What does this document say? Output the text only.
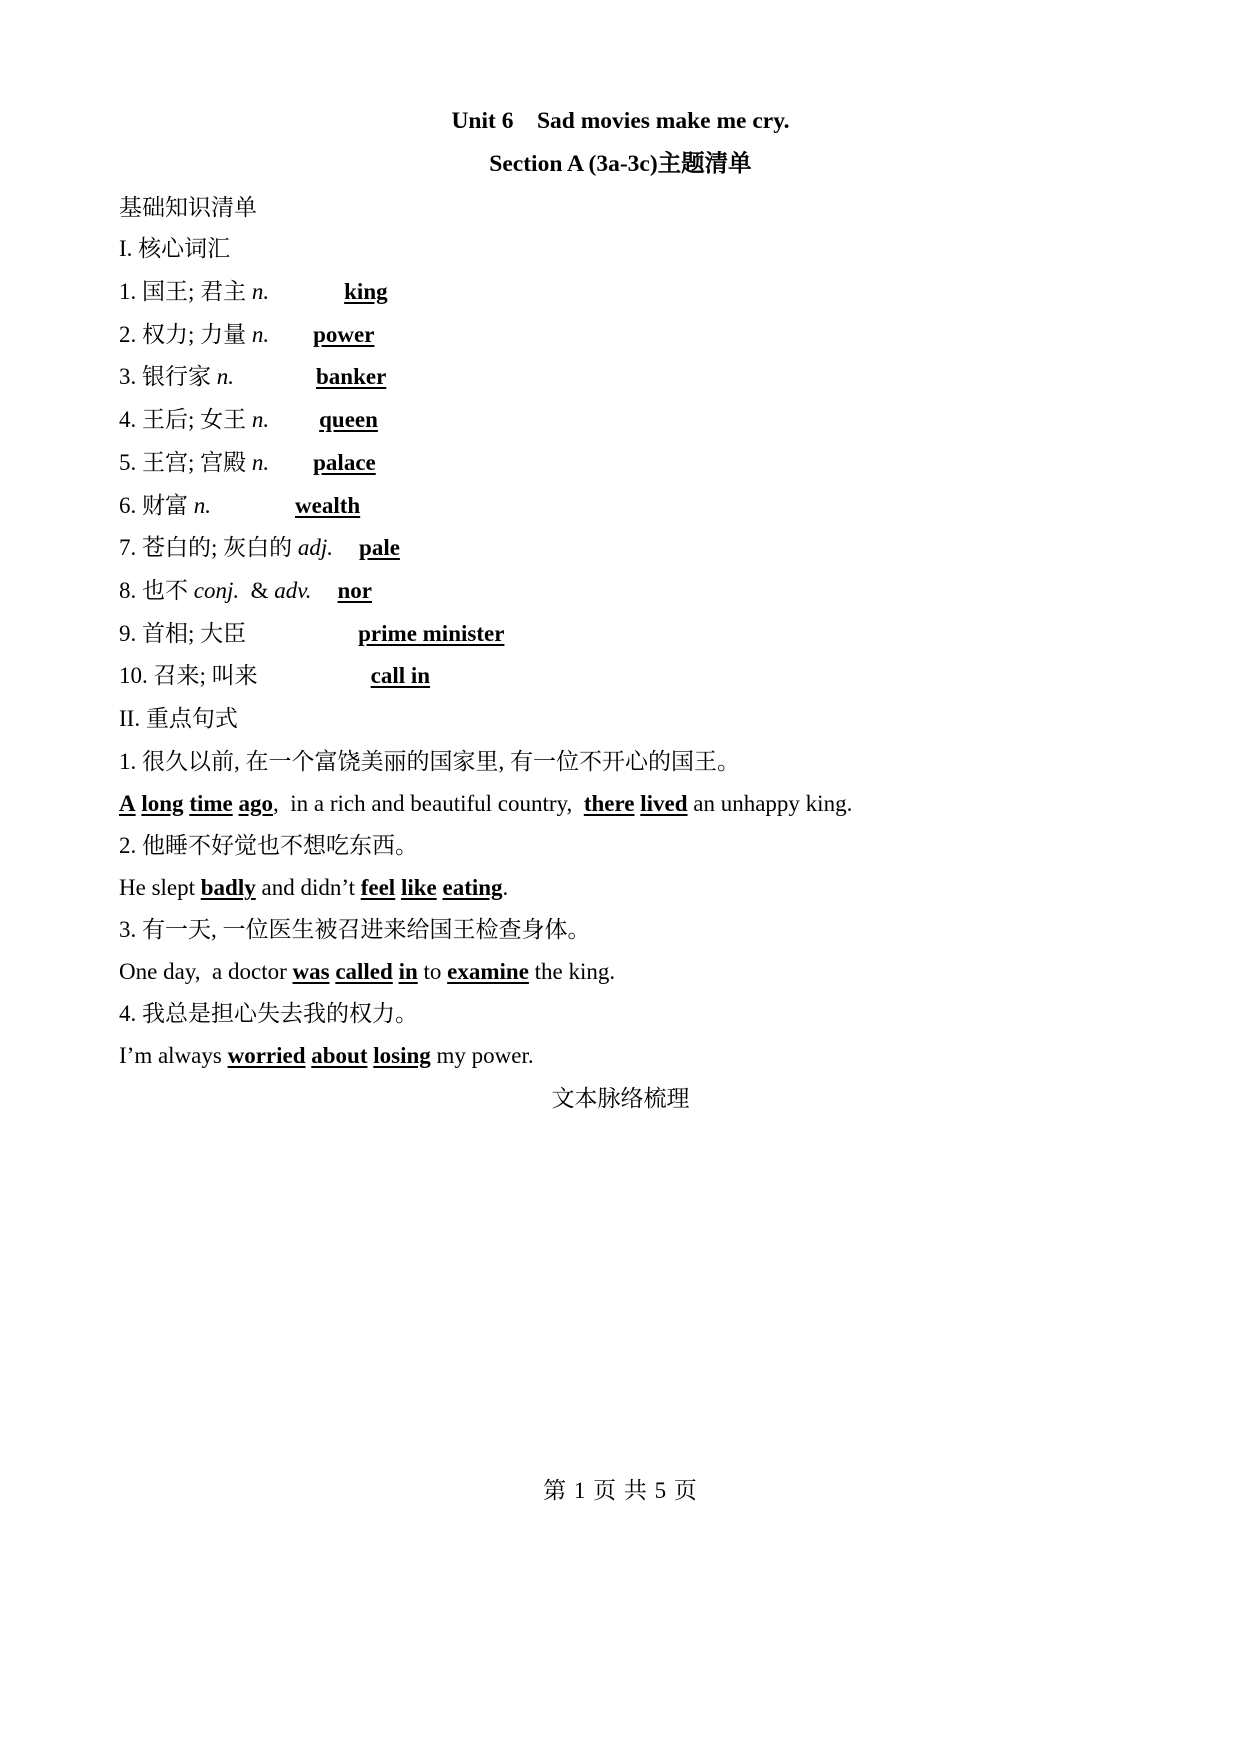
Unit 6 Sad movies make me cry.
Section A (3a-3c)主题清单
基础知识清单
I. 核心词汇
1. 国王; 君主 n.	king
2. 权力; 力量 n. power
3. 银行家 n.	banker
4. 王后; 女王 n. queen
5. 王宫; 宫殿 n. palace
6. 财富 n.	wealth
7. 苍白的; 灰白的 adj. pale
8. 也不 conj.  & adv. nor
9. 首相; 大臣	prime minister
10. 召来; 叫来	call in
II. 重点句式
1. 很久以前, 在一个富饶美丽的国家里, 有一位不开心的国王。
A long time ago,  in a rich and beautiful country,  there lived an unhappy king.
2. 他睡不好觉也不想吃东西。
He slept badly and didn’t feel like eating.
3. 有一天, 一位医生被召进来给国王检查身体。
One day,  a doctor was called in to examine the king.
4. 我总是担心失去我的权力。
I’m always worried about losing my power.
文本脉络梳理
第 1 页 共 5 页
